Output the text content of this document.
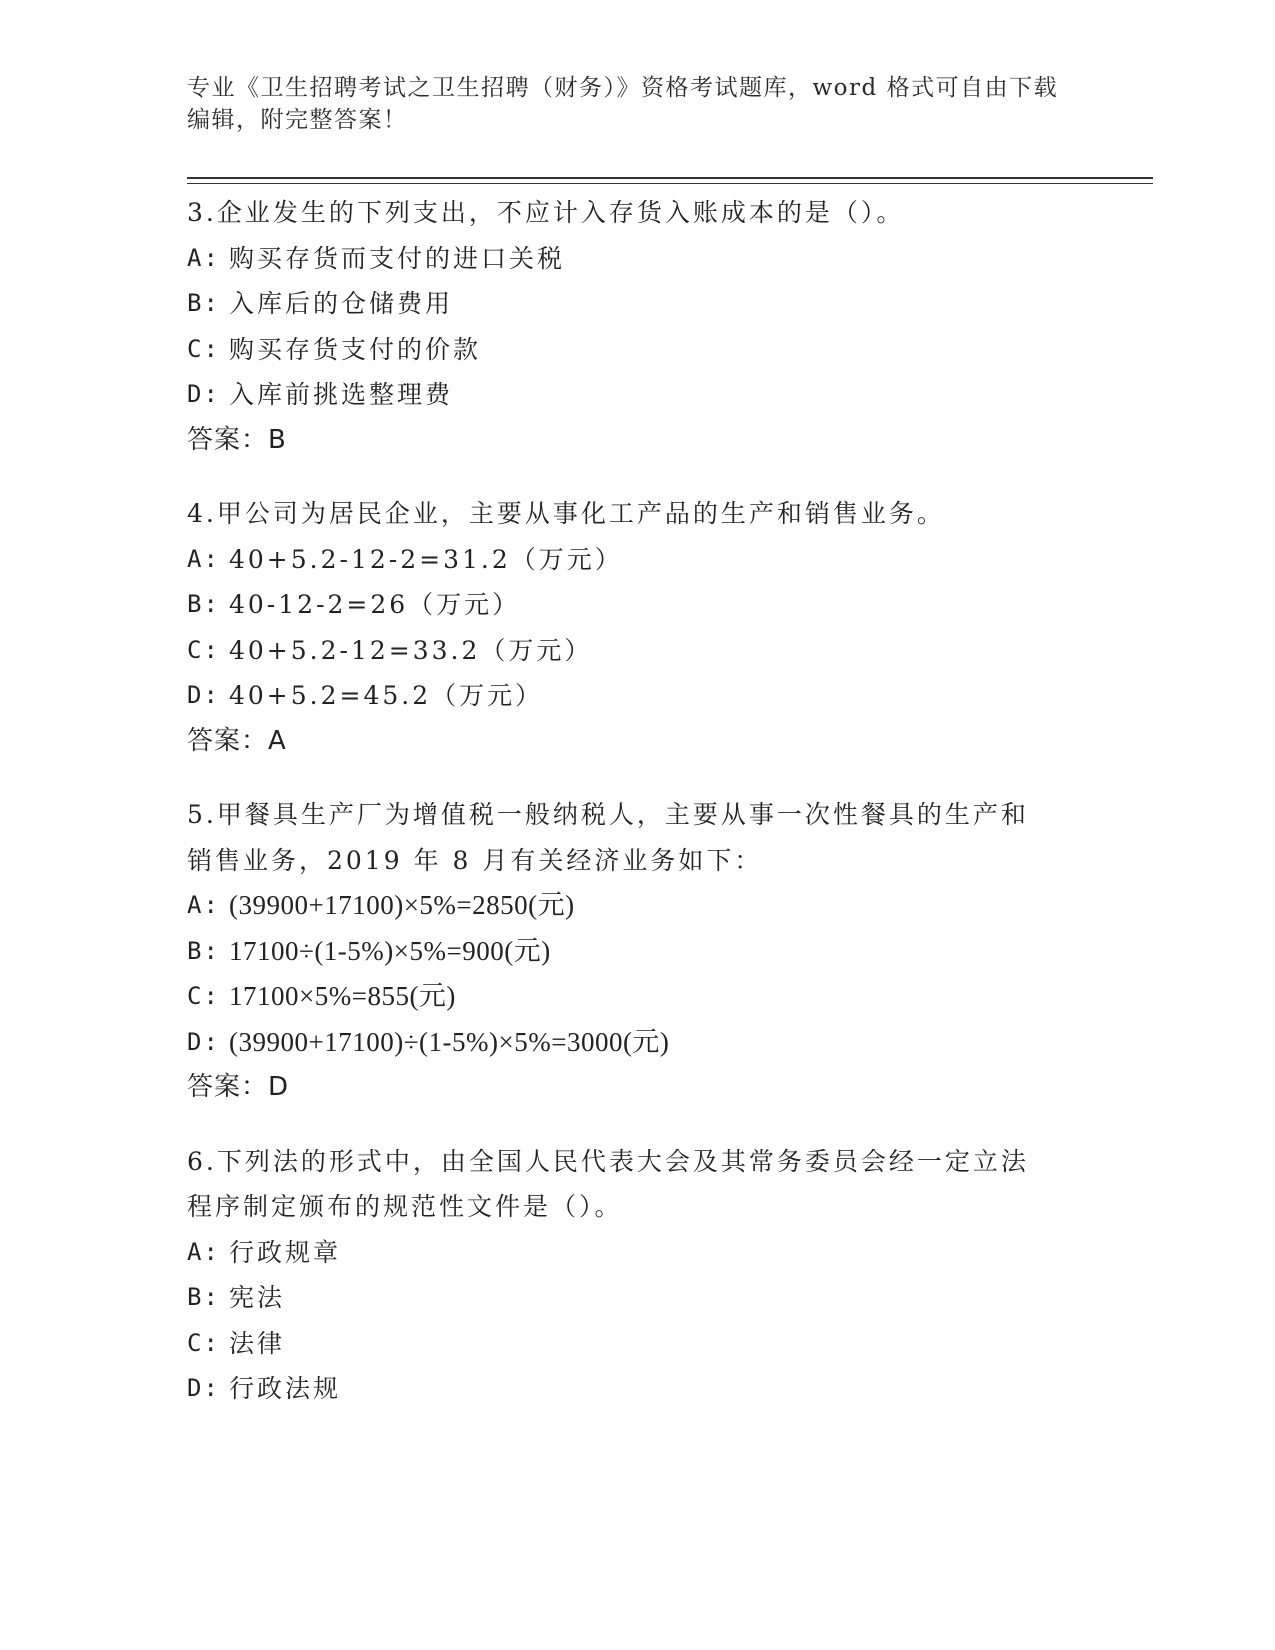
专业《卫生招聘考试之卫生招聘（财务）》资格考试题库，word 格式可自由下载
编辑，附完整答案！
3.企业发生的下列支出，不应计入存货入账成本的是（）。
A: 购买存货而支付的进口关税
B: 入库后的仓储费用
C: 购买存货支付的价款
D: 入库前挑选整理费
答案：B
4.甲公司为居民企业，主要从事化工产品的生产和销售业务。
A: 40+5.2-12-2=31.2（万元）
B: 40-12-2=26（万元）
C: 40+5.2-12=33.2（万元）
D: 40+5.2=45.2（万元）
答案：A
5.甲餐具生产厂为增值税一般纳税人，主要从事一次性餐具的生产和
销售业务，2019 年 8 月有关经济业务如下：
A: (39900+17100)×5%=2850(元)
B: 17100÷(1-5%)×5%=900(元)
C: 17100×5%=855(元)
D: (39900+17100)÷(1-5%)×5%=3000(元)
答案：D
6.下列法的形式中，由全国人民代表大会及其常务委员会经一定立法
程序制定颁布的规范性文件是（）。
A: 行政规章
B: 宪法
C: 法律
D: 行政法规
